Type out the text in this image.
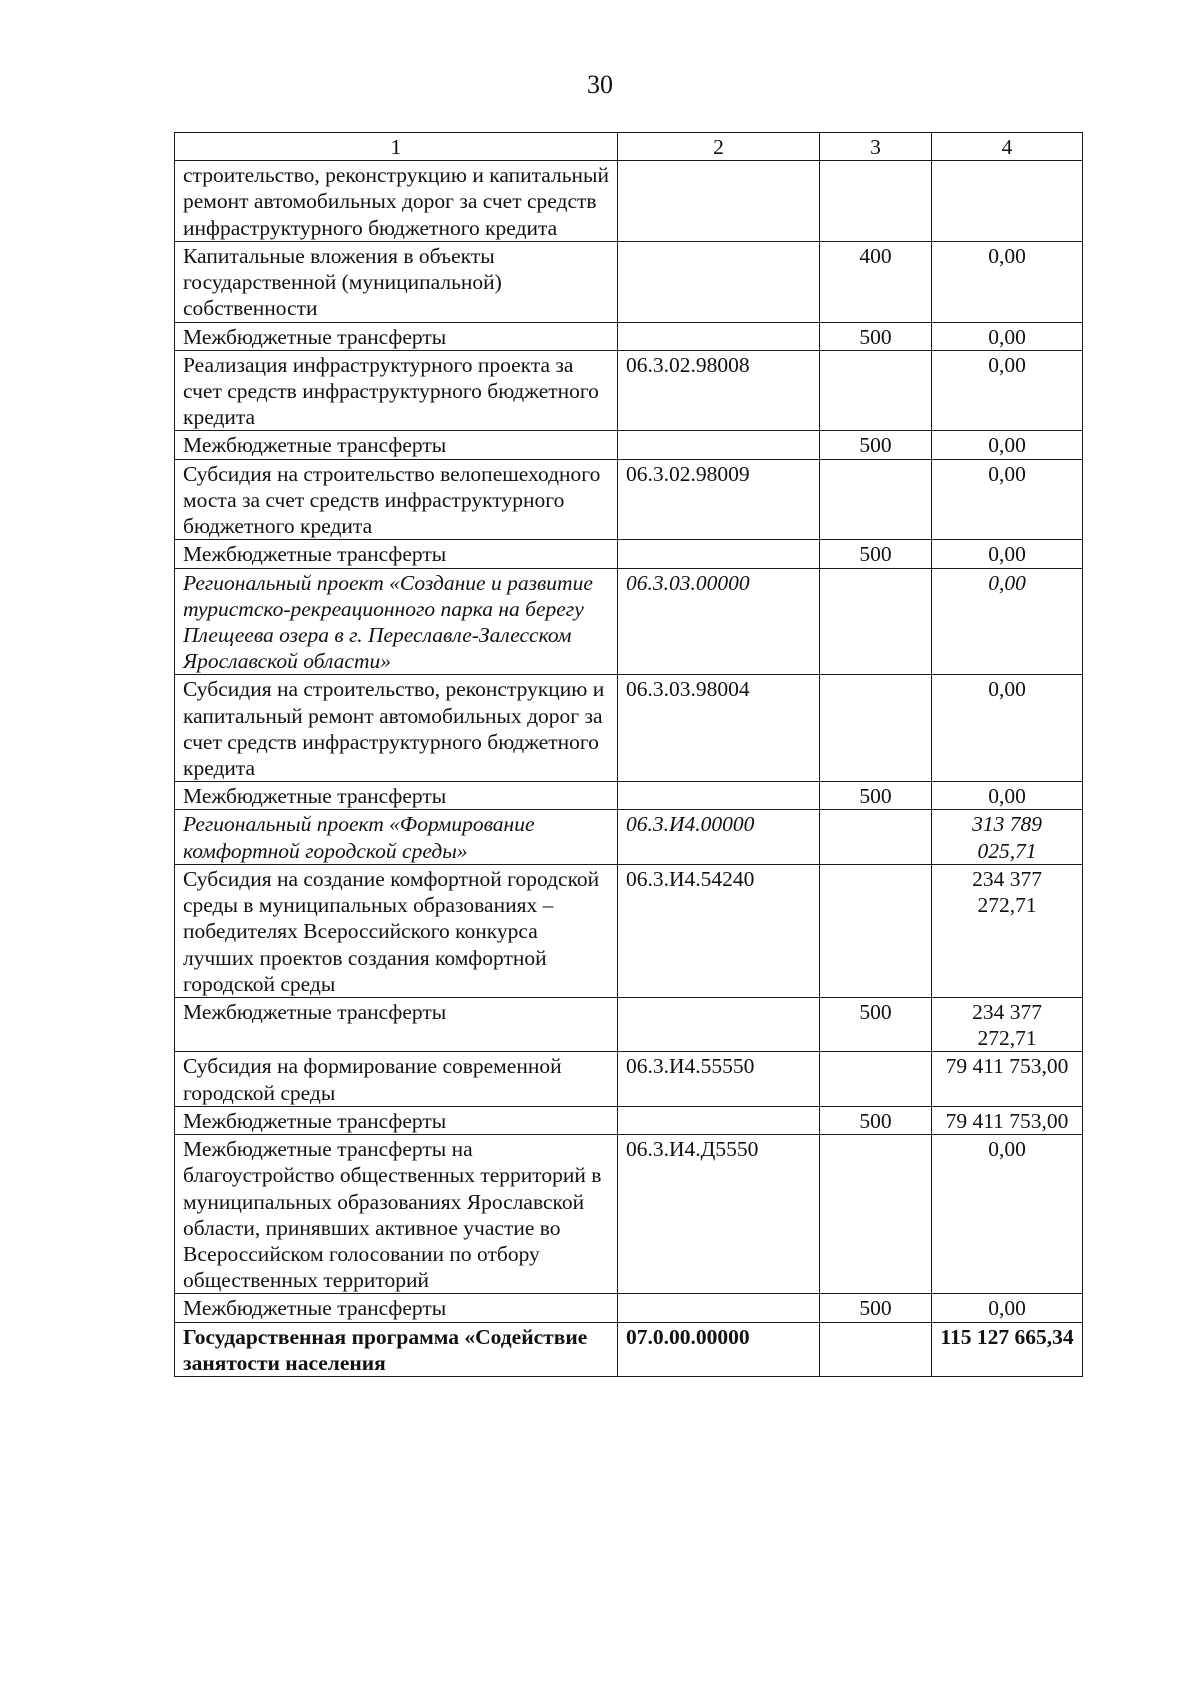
30
1	2	3	4
строительство, реконструкцию и капитальный ремонт автомобильных дорог за счет средств инфраструктурного бюджетного кредита			
Капитальные вложения в объекты государственной (муниципальной) собственности		400	0,00
Межбюджетные трансферты		500	0,00
Реализация инфраструктурного проекта за счет средств инфраструктурного бюджетного кредита	06.3.02.98008		0,00
Межбюджетные трансферты		500	0,00
Субсидия на строительство велопешеходного моста за счет средств инфраструктурного бюджетного кредита	06.3.02.98009		0,00
Межбюджетные трансферты		500	0,00
Региональный проект «Создание и развитие туристско-рекреационного парка на берегу Плещеева озера в г. Переславле-Залесском Ярославской области»	06.3.03.00000		0,00
Субсидия на строительство, реконструкцию и капитальный ремонт автомобильных дорог за счет средств инфраструктурного бюджетного кредита	06.3.03.98004		0,00
Межбюджетные трансферты		500	0,00
Региональный проект «Формирование комфортной городской среды»	06.3.И4.00000		313 789 025,71
Субсидия на создание комфортной городской среды в муниципальных образованиях – победителях Всероссийского конкурса лучших проектов создания комфортной городской среды	06.3.И4.54240		234 377 272,71
Межбюджетные трансферты		500	234 377 272,71
Субсидия на формирование современной городской среды	06.3.И4.55550		79 411 753,00
Межбюджетные трансферты		500	79 411 753,00
Межбюджетные трансферты на благоустройство общественных территорий в муниципальных образованиях Ярославской области, принявших активное участие во Всероссийском голосовании по отбору общественных территорий	06.3.И4.Д5550		0,00
Межбюджетные трансферты		500	0,00
Государственная программа «Содействие занятости населения	07.0.00.00000		115 127 665,34
